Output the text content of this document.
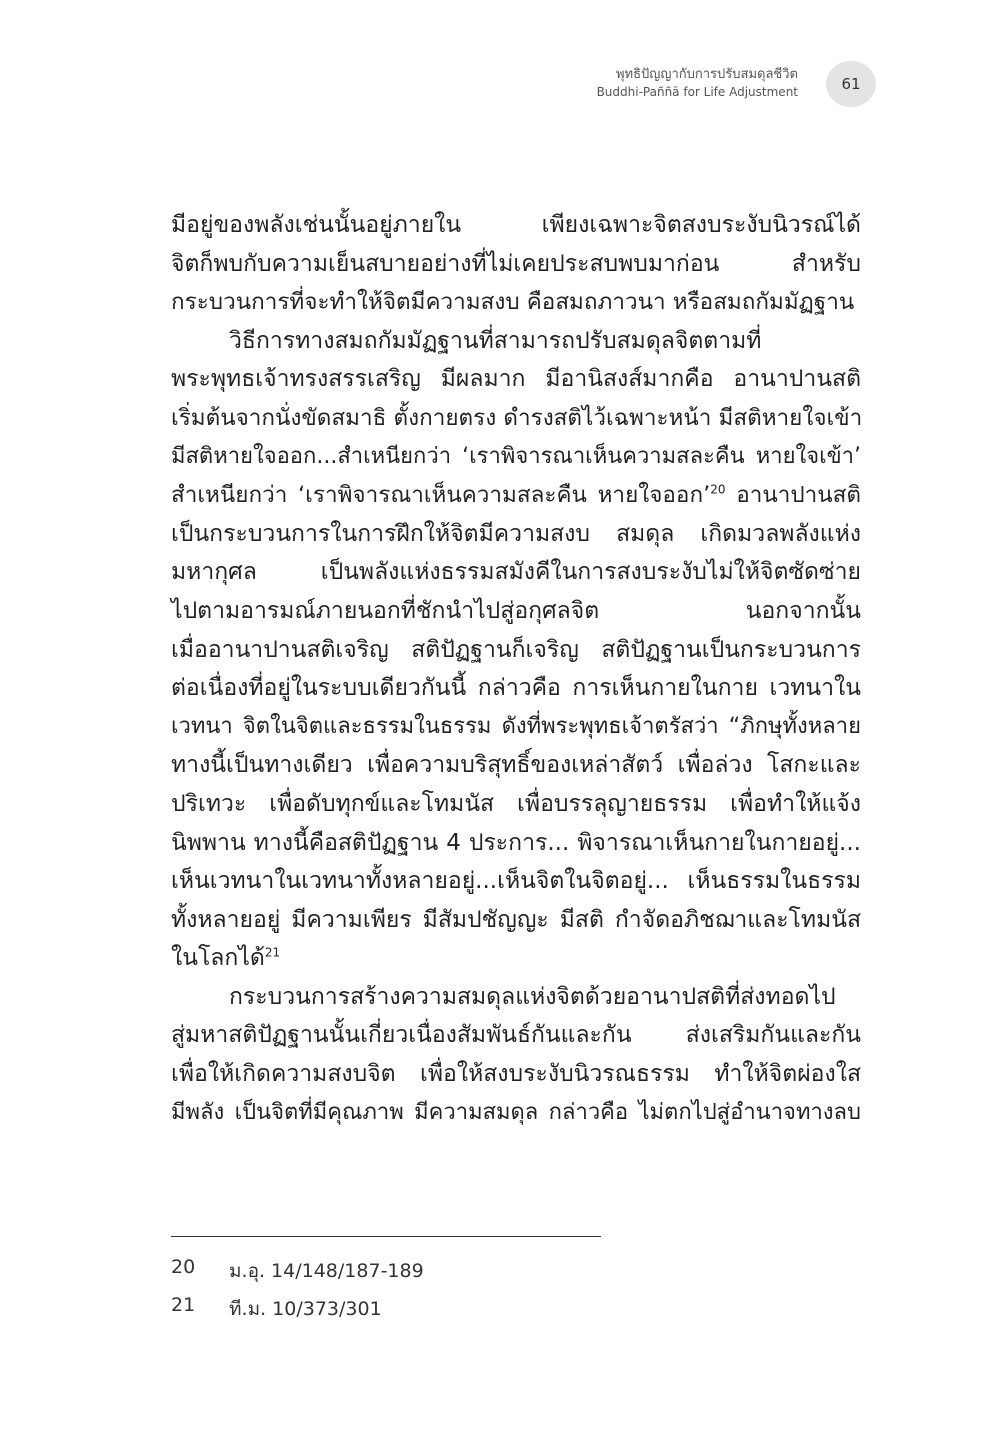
พุทธิปัญญากับการปรับสมดุลชีวิต
Buddhi-Paññā for Life Adjustment	61
มีอยู่ของพลังเช่นนั้นอยู่ภายใน เพียงเฉพาะจิตสงบระงับนิวรณ์ได้
จิตก็พบกับความเย็นสบายอย่างที่ไม่เคยประสบพบมาก่อน สำหรับ
กระบวนการที่จะทำให้จิตมีความสงบ คือสมถภาวนา หรือสมถกัมมัฏฐาน
วิธีการทางสมถกัมมัฏฐานที่สามารถปรับสมดุลจิตตามที่
พระพุทธเจ้าทรงสรรเสริญ มีผลมาก มีอานิสงส์มากคือ อานาปานสติ
เริ่มต้นจากนั่งขัดสมาธิ ตั้งกายตรง ดำรงสติไว้เฉพาะหน้า มีสติหายใจเข้า
มีสติหายใจออก...สำเหนียกว่า ‘เราพิจารณาเห็นความสละคืน หายใจเข้า’
สำเหนียกว่า ‘เราพิจารณาเห็นความสละคืน หายใจออก’$^{20}$ อานาปานสติ
เป็นกระบวนการในการฝึกให้จิตมีความสงบ สมดุล เกิดมวลพลังแห่ง
มหากุศล เป็นพลังแห่งธรรมสมังคีในการสงบระงับไม่ให้จิตซัดซ่าย
ไปตามอารมณ์ภายนอกที่ชักนำไปสู่อกุศลจิต นอกจากนั้น
เมื่ออานาปานสติเจริญ สติปัฏฐานก็เจริญ สติปัฏฐานเป็นกระบวนการ
ต่อเนื่องที่อยู่ในระบบเดียวกันนี้ กล่าวคือ การเห็นกายในกาย เวทนาใน
เวทนา จิตในจิตและธรรมในธรรม ดังที่พระพุทธเจ้าตรัสว่า “ภิกษุทั้งหลาย
ทางนี้เป็นทางเดียว เพื่อความบริสุทธิ์ของเหล่าสัตว์ เพื่อล่วง โสกะและ
ปริเทวะ เพื่อดับทุกข์และโทมนัส เพื่อบรรลุญายธรรม เพื่อทำให้แจ้ง
นิพพาน ทางนี้คือสติปัฏฐาน 4 ประการ... พิจารณาเห็นกายในกายอยู่...
เห็นเวทนาในเวทนาทั้งหลายอยู่...เห็นจิตในจิตอยู่... เห็นธรรมในธรรม
ทั้งหลายอยู่ มีความเพียร มีสัมปชัญญะ มีสติ กำจัดอภิชฌาและโทมนัส
ในโลกได้$^{21}$
กระบวนการสร้างความสมดุลแห่งจิตด้วยอานาปสติที่ส่งทอดไป
สู่มหาสติปัฏฐานนั้นเกี่ยวเนื่องสัมพันธ์กันและกัน ส่งเสริมกันและกัน
เพื่อให้เกิดความสงบจิต เพื่อให้สงบระงับนิวรณธรรม ทำให้จิตผ่องใส
มีพลัง เป็นจิตที่มีคุณภาพ มีความสมดุล กล่าวคือ ไม่ตกไปสู่อำนาจทางลบ
20	ม.อุ. 14/148/187-189
21	ที.ม. 10/373/301
